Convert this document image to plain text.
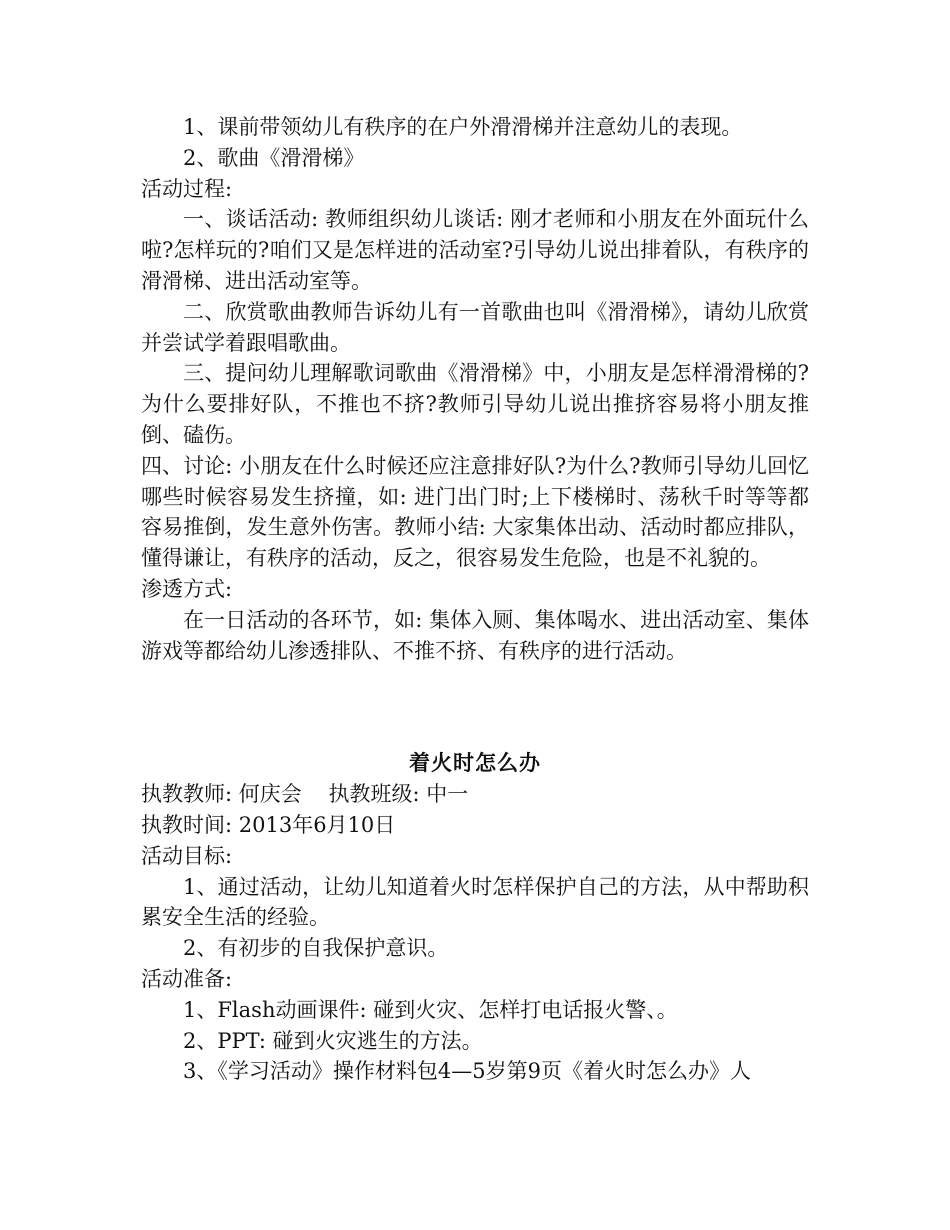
1、课前带领幼儿有秩序的在户外滑滑梯并注意幼儿的表现。

2、歌曲《滑滑梯》

活动过程:

一、谈话活动: 教师组织幼儿谈话: 刚才老师和小朋友在外面玩什么啦?怎样玩的?咱们又是怎样进的活动室?引导幼儿说出排着队，有秩序的滑滑梯、进出活动室等。

二、欣赏歌曲教师告诉幼儿有一首歌曲也叫《滑滑梯》，请幼儿欣赏并尝试学着跟唱歌曲。

三、提问幼儿理解歌词歌曲《滑滑梯》中，小朋友是怎样滑滑梯的?为什么要排好队，不推也不挤?教师引导幼儿说出推挤容易将小朋友推倒、磕伤。

四、讨论: 小朋友在什么时候还应注意排好队?为什么?教师引导幼儿回忆哪些时候容易发生挤撞，如: 进门出门时;上下楼梯时、荡秋千时等等都容易推倒，发生意外伤害。教师小结: 大家集体出动、活动时都应排队，懂得谦让，有秩序的活动，反之，很容易发生危险，也是不礼貌的。

渗透方式:

在一日活动的各环节，如: 集体入厕、集体喝水、进出活动室、集体游戏等都给幼儿渗透排队、不推不挤、有秩序的进行活动。

着火时怎么办

执教教师: 何庆会    执教班级: 中一

执教时间: 2013年6月10日

活动目标:

1、通过活动，让幼儿知道着火时怎样保护自己的方法，从中帮助积累安全生活的经验。

2、有初步的自我保护意识。

活动准备:

1、Flash动画课件: 碰到火灾、怎样打电话报火警、。

2、PPT: 碰到火灾逃生的方法。

3、《学习活动》操作材料包4—5岁第9页《着火时怎么办》人
